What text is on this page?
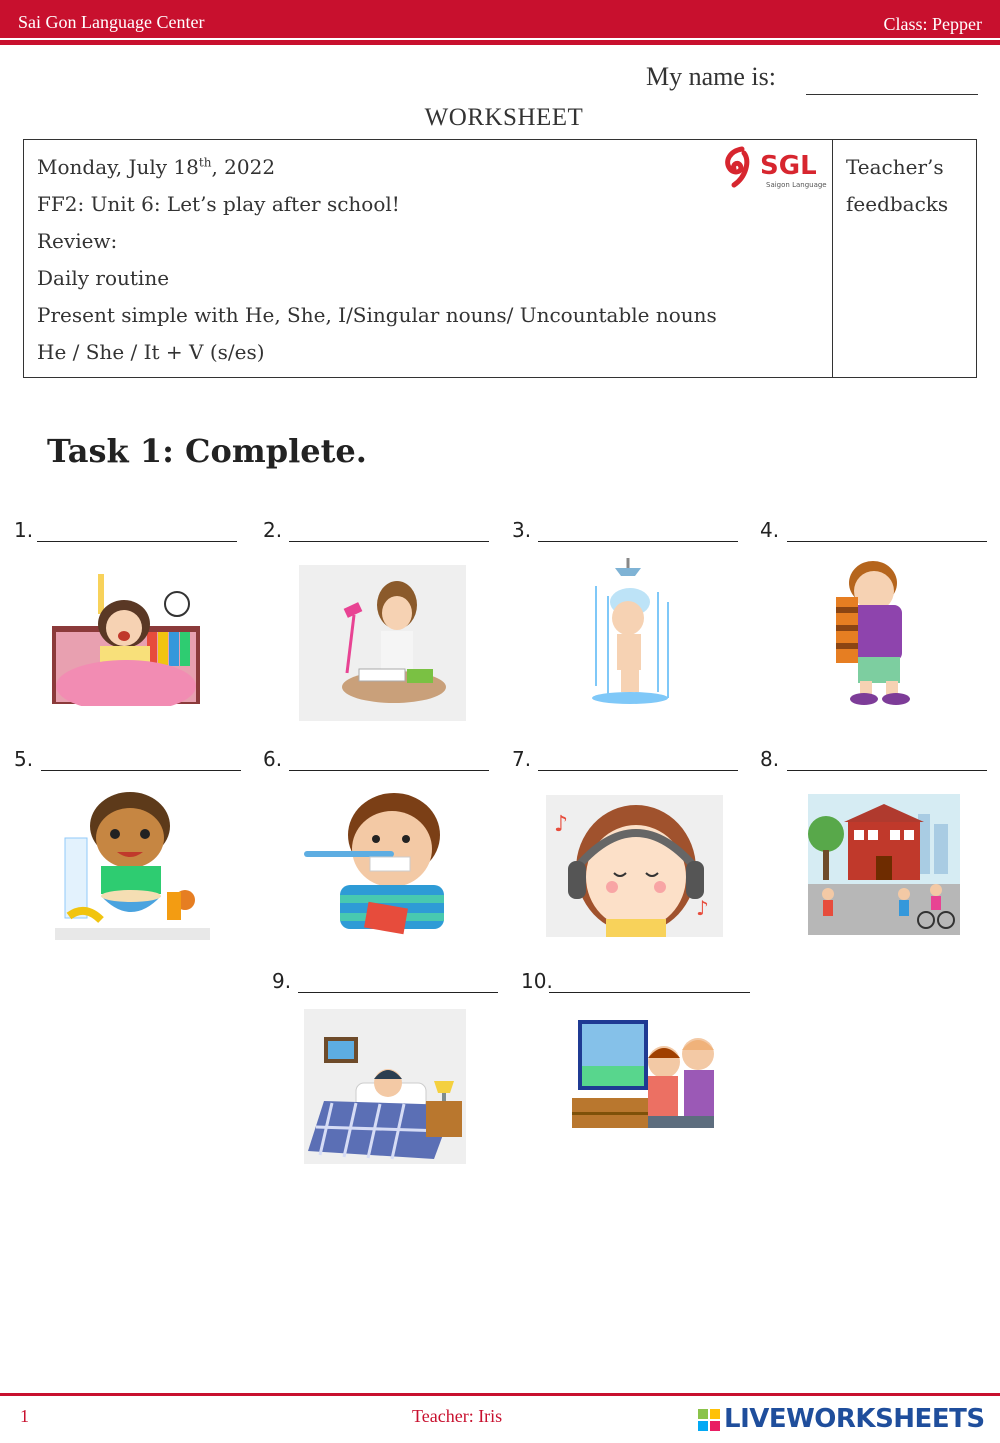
Sai Gon Language Center	Class: Pepper
My name is:
WORKSHEET
Monday, July 18th, 2022
FF2: Unit 6: Let’s play after school!
Review:
Daily routine
Present simple with He, She, I/Singular nouns/ Uncountable nouns
He / She / It + V (s/es)
Teacher’s
feedbacks
SGL
Saigon Language
Task 1: Complete.
1.	2.	3.	4.
5.	6.	7.	8.
♪
♪
9.	10.
1	Teacher: Iris	LIVEWORKSHEETS
